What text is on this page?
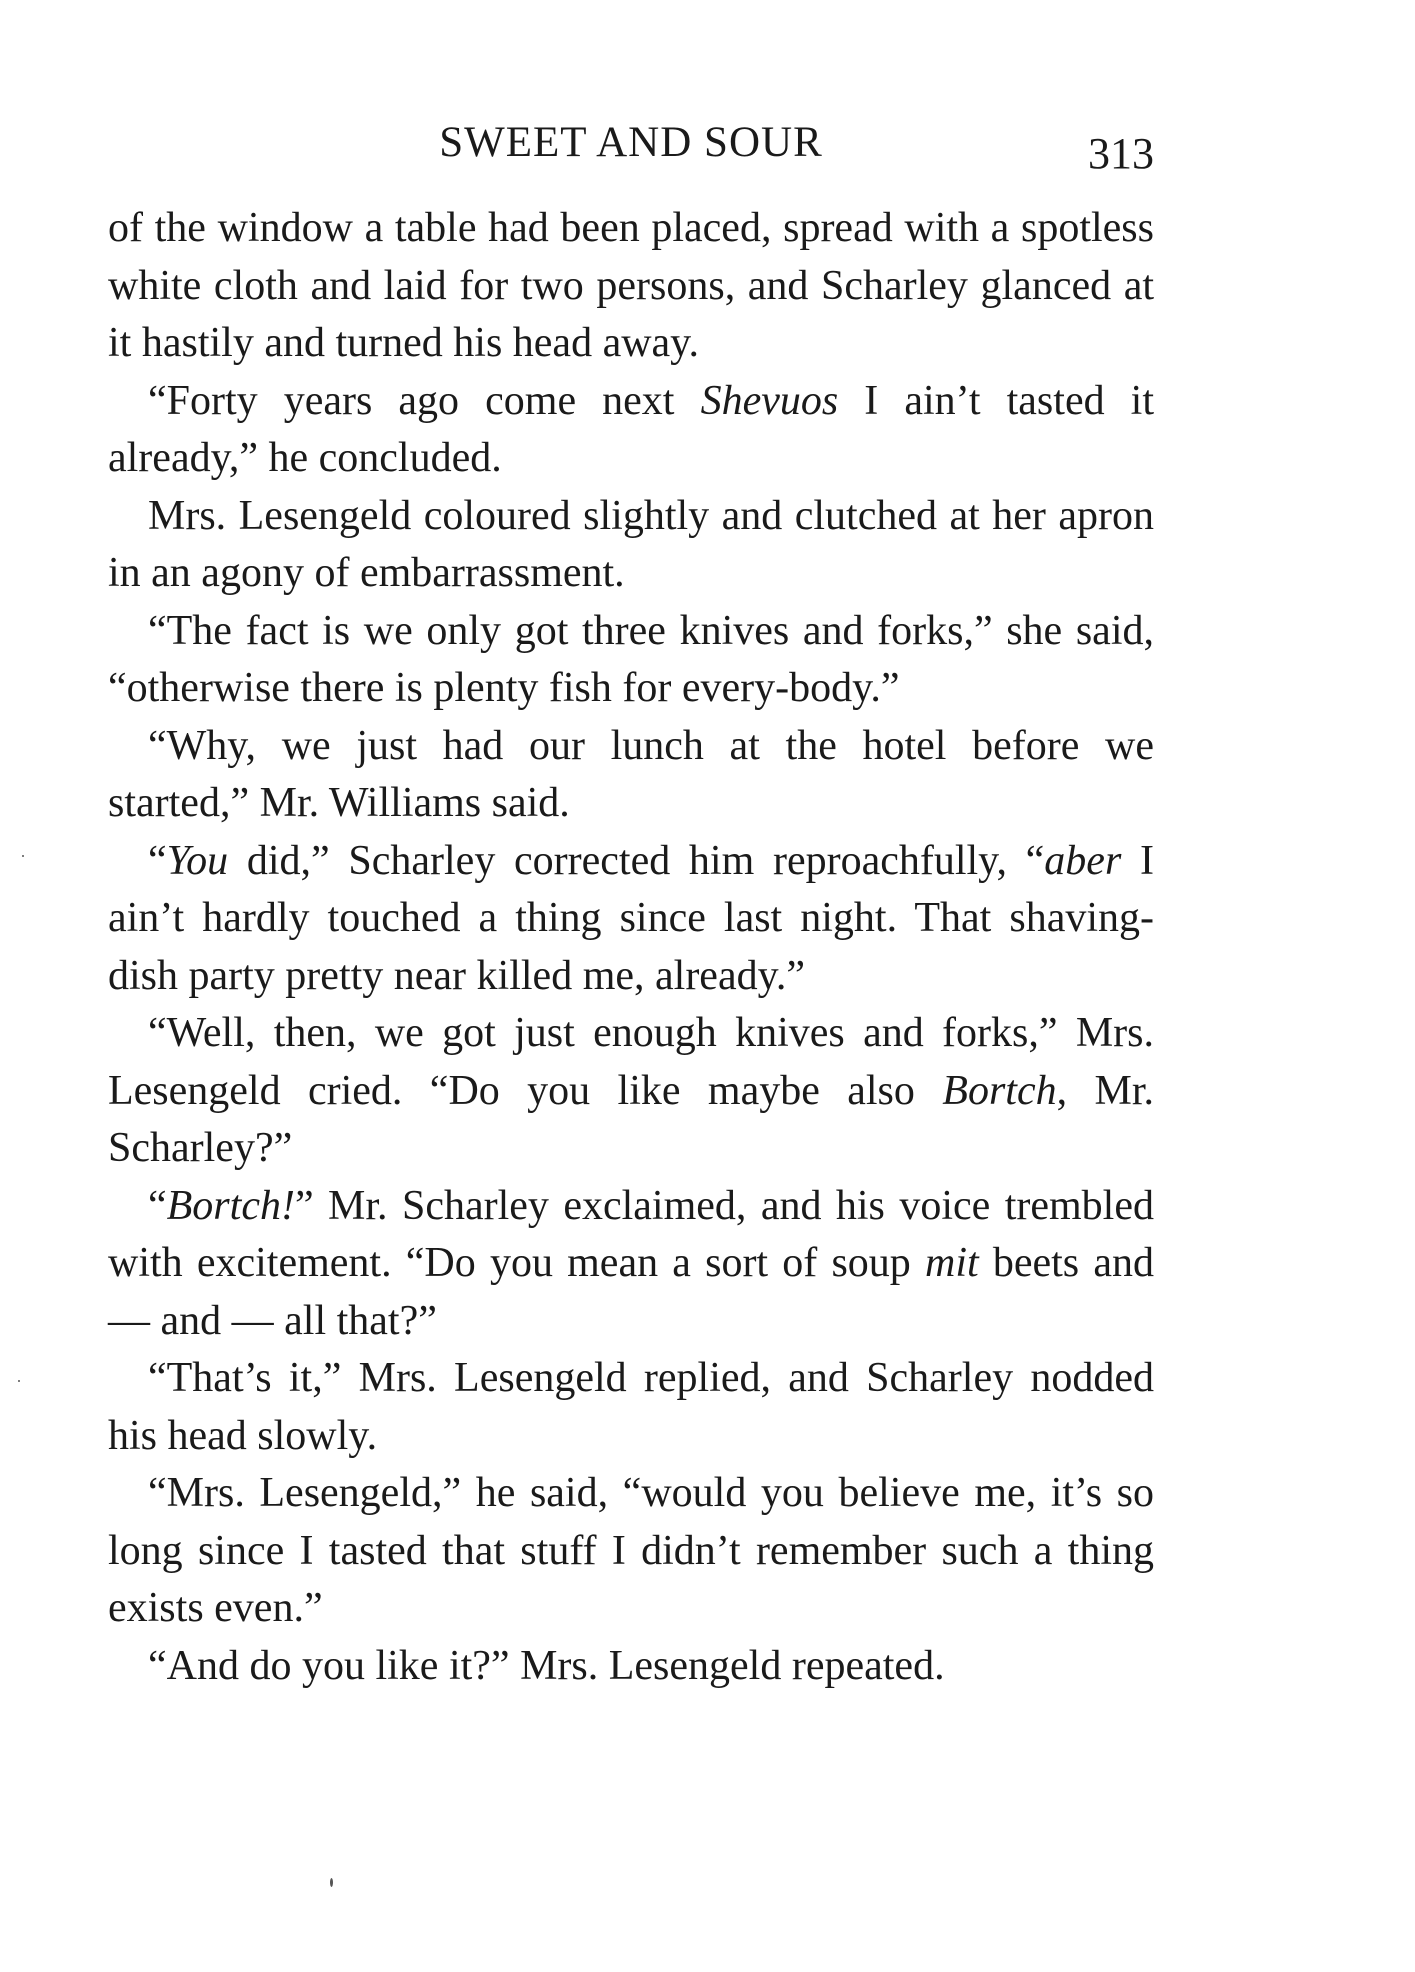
SWEET AND SOUR	313

of the window a table had been placed, spread with a spotless white cloth and laid for two persons, and Scharley glanced at it hastily and turned his head away.

“Forty years ago come next Shevuos I ain’t tasted it already,” he concluded.

Mrs. Lesengeld coloured slightly and clutched at her apron in an agony of embarrassment.

“The fact is we only got three knives and forks,” she said, “otherwise there is plenty fish for every-body.”

“Why, we just had our lunch at the hotel before we started,” Mr. Williams said.

“You did,” Scharley corrected him reproachfully, “aber I ain’t hardly touched a thing since last night. That shaving-dish party pretty near killed me, already.”

“Well, then, we got just enough knives and forks,” Mrs. Lesengeld cried. “Do you like maybe also Bortch, Mr. Scharley?”

“Bortch!” Mr. Scharley exclaimed, and his voice trembled with excitement. “Do you mean a sort of soup mit beets and — and — all that?”

“That’s it,” Mrs. Lesengeld replied, and Scharley nodded his head slowly.

“Mrs. Lesengeld,” he said, “would you believe me, it’s so long since I tasted that stuff I didn’t remember such a thing exists even.”

“And do you like it?” Mrs. Lesengeld repeated.
